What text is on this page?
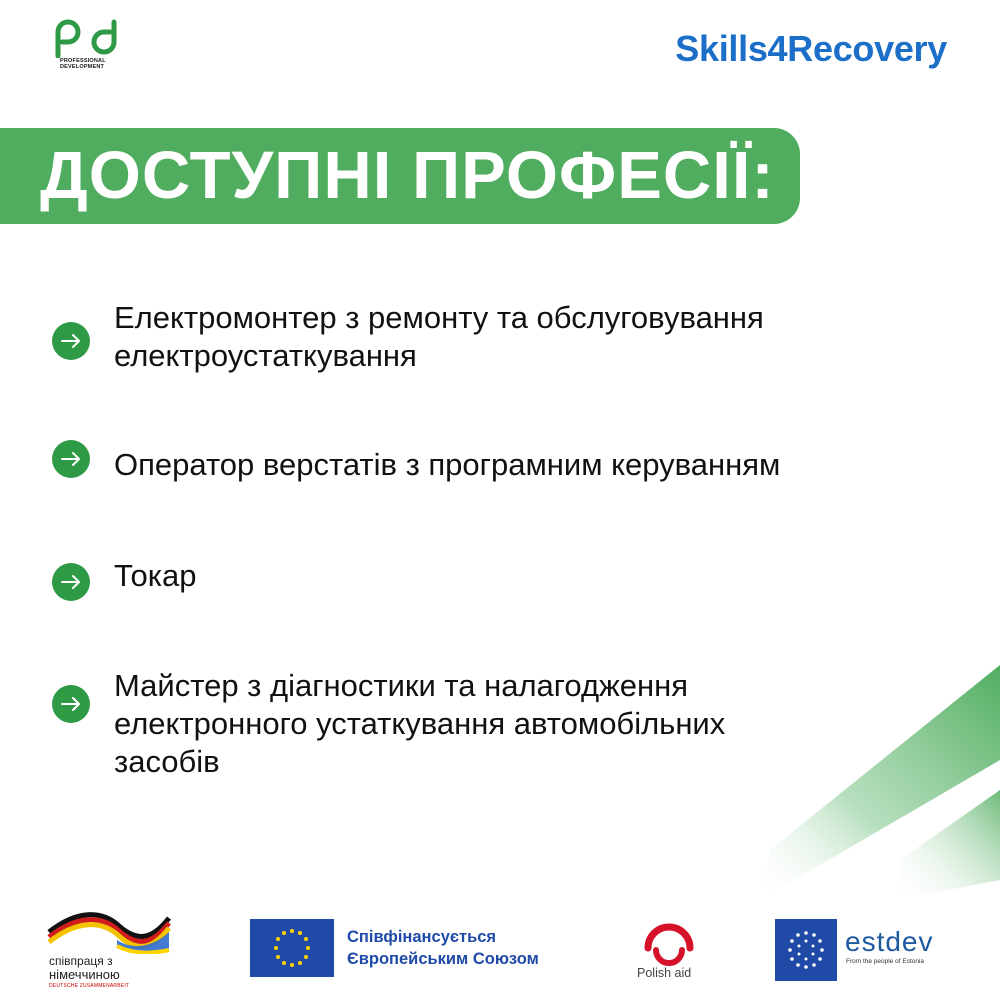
PROFESSIONAL
DEVELOPMENT	Skills4Recovery
ДОСТУПНІ ПРОФЕСІЇ:
Електромонтер з ремонту та обслуговування
електроустаткування
Оператор верстатів з програмним керуванням
Токар
Майстер з діагностики та налагодження
електронного устаткування автомобільних
засобів
співпраця з
німеччиною
DEUTSCHE ZUSAMMENARBEIT
Співфінансується
Європейським Союзом
Polish aid
estdev
From the people of Estonia
